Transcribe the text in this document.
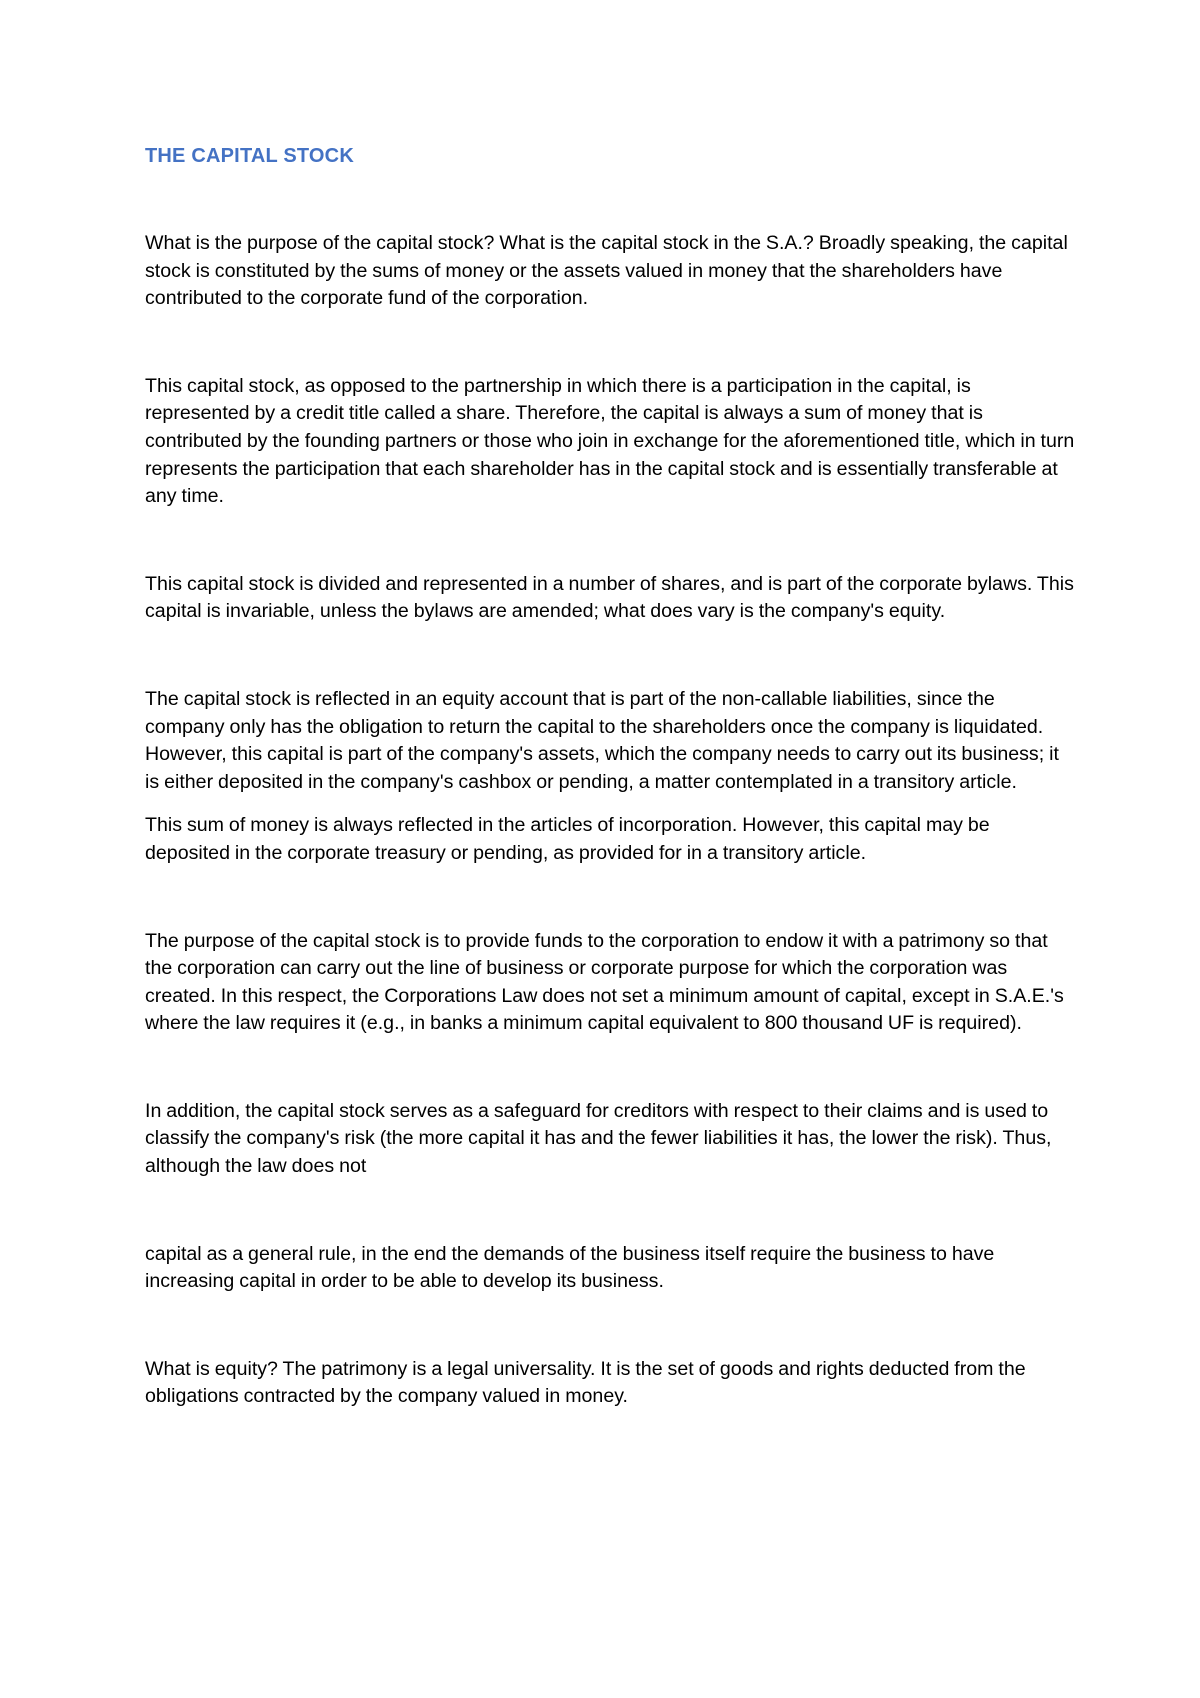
THE CAPITAL STOCK

What is the purpose of the capital stock? What is the capital stock in the S.A.? Broadly speaking, the capital stock is constituted by the sums of money or the assets valued in money that the shareholders have contributed to the corporate fund of the corporation.

This capital stock, as opposed to the partnership in which there is a participation in the capital, is represented by a credit title called a share. Therefore, the capital is always a sum of money that is contributed by the founding partners or those who join in exchange for the aforementioned title, which in turn represents the participation that each shareholder has in the capital stock and is essentially transferable at any time.

This capital stock is divided and represented in a number of shares, and is part of the corporate bylaws. This capital is invariable, unless the bylaws are amended; what does vary is the company's equity.

The capital stock is reflected in an equity account that is part of the non-callable liabilities, since the company only has the obligation to return the capital to the shareholders once the company is liquidated. However, this capital is part of the company's assets, which the company needs to carry out its business; it is either deposited in the company's cashbox or pending, a matter contemplated in a transitory article.

This sum of money is always reflected in the articles of incorporation. However, this capital may be deposited in the corporate treasury or pending, as provided for in a transitory article.

The purpose of the capital stock is to provide funds to the corporation to endow it with a patrimony so that the corporation can carry out the line of business or corporate purpose for which the corporation was created. In this respect, the Corporations Law does not set a minimum amount of capital, except in S.A.E.'s where the law requires it (e.g., in banks a minimum capital equivalent to 800 thousand UF is required).

In addition, the capital stock serves as a safeguard for creditors with respect to their claims and is used to classify the company's risk (the more capital it has and the fewer liabilities it has, the lower the risk). Thus, although the law does not

capital as a general rule, in the end the demands of the business itself require the business to have increasing capital in order to be able to develop its business.

What is equity? The patrimony is a legal universality. It is the set of goods and rights deducted from the obligations contracted by the company valued in money.
